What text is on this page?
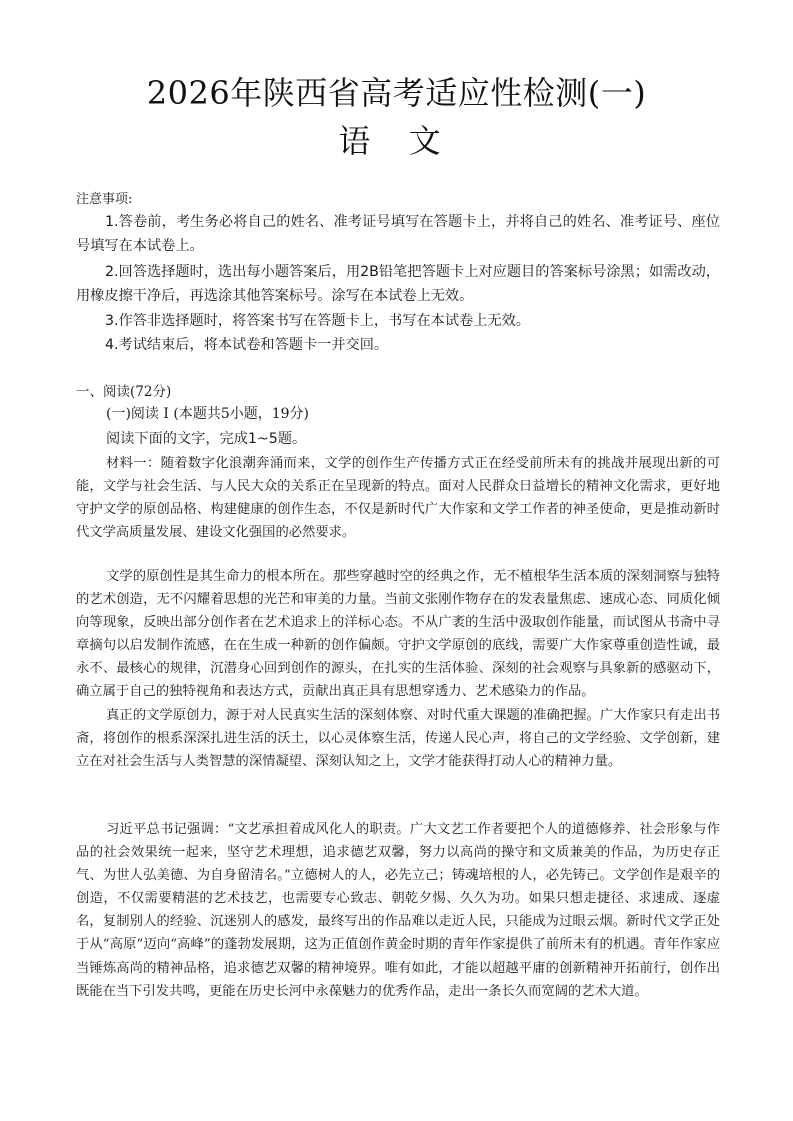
2026年陕西省高考适应性检测(一)
语 文
注意事项:

1.答卷前，考生务必将自己的姓名、准考证号填写在答题卡上，并将自己的姓名、准考证号、座位号填写在本试卷上。

2.回答选择题时，选出每小题答案后，用2B铅笔把答题卡上对应题目的答案标号涂黑；如需改动，用橡皮擦干净后，再选涂其他答案标号。涂写在本试卷上无效。

3.作答非选择题时，将答案书写在答题卡上，书写在本试卷上无效。

4.考试结束后，将本试卷和答题卡一并交回。

一、阅读(72分)
(一)阅读 I (本题共5小题，19分)
阅读下面的文字，完成1~5题。

材料一：随着数字化浪潮奔涌而来，文学的创作生产传播方式正在经受前所未有的挑战并展现出新的可能，文学与社会生活、与人民大众的关系正在呈现新的特点。面对人民群众日益增长的精神文化需求，更好地守护文学的原创品格、构建健康的创作生态，不仅是新时代广大作家和文学工作者的神圣使命，更是推动新时代文学高质量发展、建设文化强国的必然要求。

文学的原创性是其生命力的根本所在。那些穿越时空的经典之作，无不植根华生活本质的深刻洞察与独特的艺术创造，无不闪耀着思想的光芒和审美的力量。当前文张刚作物存在的发表量焦虑、速成心态、同质化倾向等现象，反映出部分创作者在艺术追求上的洋标心态。不从广袤的生活中汲取创作能量，而试图从书斋中寻章摘句以启发制作流感，在在生成一种新的创作偏颇。守护文学原创的底线，需要广大作家尊重创造性诚，最永不、最核心的规律，沉潜身心回到创作的源头，在扎实的生活体验、深刻的社会观察与具象新的感驱动下，确立属于自己的独特视角和表达方式，贡献出真正具有思想穿透力、艺术感染力的作品。

真正的文学原创力，源于对人民真实生活的深刻体察、对时代重大课题的准确把握。广大作家只有走出书斋，将创作的根系深深扎进生活的沃土，以心灵体察生活，传递人民心声，将自己的文学经验、文学创新，建立在对社会生活与人类智慧的深情凝望、深刻认知之上，文学才能获得打动人心的精神力量。

习近平总书记强调：“文艺承担着成风化人的职责。广大文艺工作者要把个人的道德修养、社会形象与作品的社会效果统一起来，坚守艺术理想，追求德艺双馨，努力以高尚的操守和文质兼美的作品，为历史存正气、为世人弘美德、为自身留清名。”立德树人的人，必先立己；铸魂培根的人，必先铸己。文学创作是艰辛的创造，不仅需要精湛的艺术技艺，也需要专心致志、朝乾夕惕、久久为功。如果只想走捷径、求速成、逐虚名，复制别人的经验、沉迷别人的感发，最终写出的作品难以走近人民，只能成为过眼云烟。新时代文学正处于从“高原”迈向“高峰”的蓬勃发展期，这为正值创作黄金时期的青年作家提供了前所未有的机遇。青年作家应当锤炼高尚的精神品格，追求德艺双馨的精神境界。唯有如此，才能以超越平庸的创新精神开拓前行，创作出既能在当下引发共鸣，更能在历史长河中永葆魅力的优秀作品，走出一条长久而宽阔的艺术大道。
